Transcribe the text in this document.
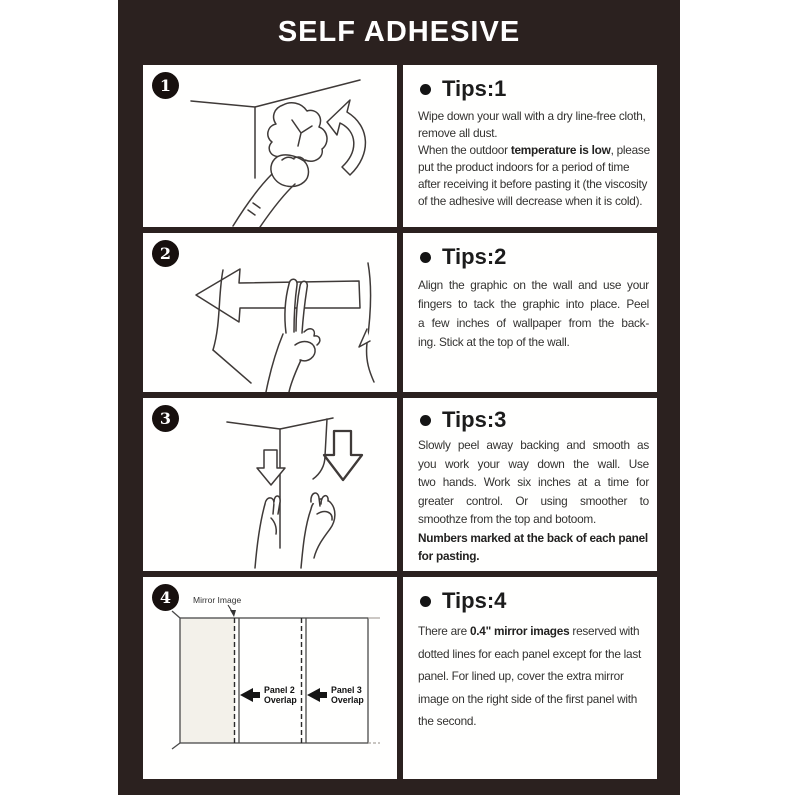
SELF ADHESIVE
1	Tips:1
Wipe down your wall with a dry line-free cloth,
remove all dust.
When the outdoor temperature is low, please
put the product indoors for a period of time
after receiving it before pasting it (the viscosity
of the adhesive will decrease when it is cold).
2	Tips:2
Align the graphic on the wall and use your
fingers to tack the graphic into place. Peel
a few inches of wallpaper from the back-
ing. Stick at the top of the wall.
3	Tips:3
Slowly peel away backing and smooth as
you work your way down the wall. Use
two hands. Work six inches at a time for
greater control. Or using smoother to
smoothze from the top and botoom.
Numbers marked at the back of each panel
for pasting.
4	Mirror Image
Panel 2
Overlap
Panel 3
Overlap
Tips:4
There are 0.4" mirror images reserved with
dotted lines for each panel except for the last
panel. For lined up, cover the extra mirror
image on the right side of the first panel with
the second.
